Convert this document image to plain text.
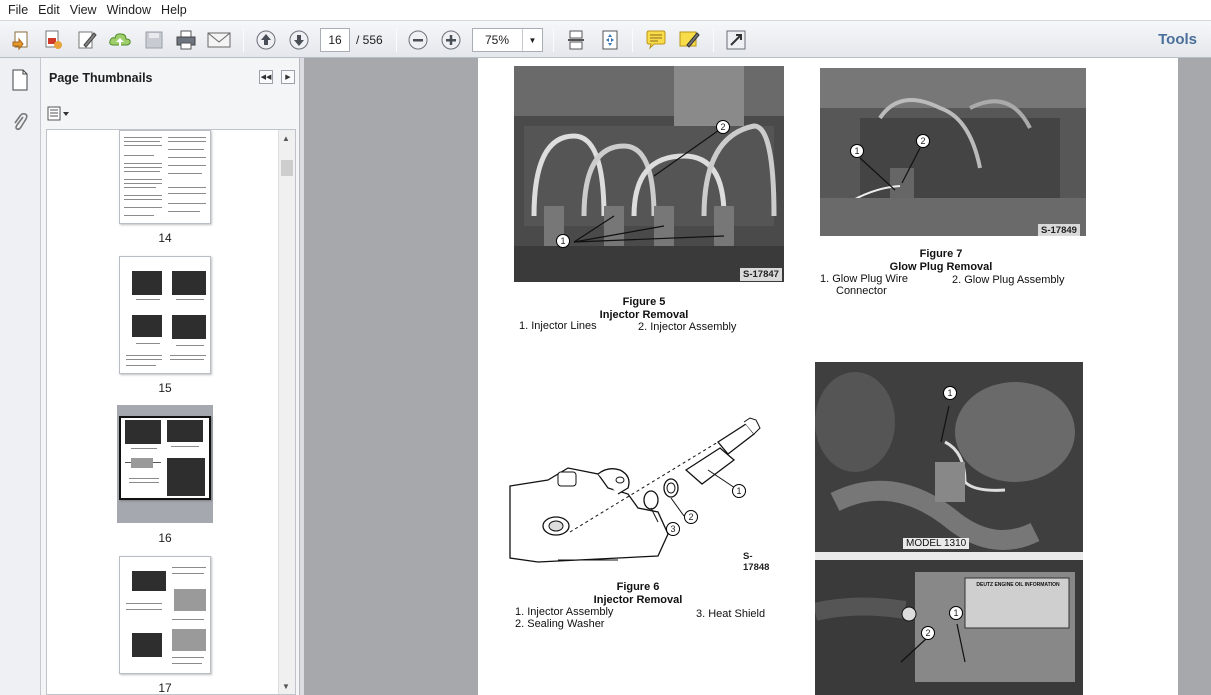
File Edit View Window Help
16	/ 556	75%	▼	Tools
Page Thumbnails	◀◀	▶
14
15
16
17
▲
▼
1
2
S-17847
Figure 5
Injector Removal
1. Injector Lines	2. Injector Assembly
1
2
S-17849
Figure 7
Glow Plug Removal
1. Glow Plug Wire
Connector
2. Glow Plug Assembly
1
2
3
S-17848
Figure 6
Injector Removal
1. Injector Assembly
2. Sealing Washer
3. Heat Shield
1
MODEL 1310
1
2
DEUTZ ENGINE OIL INFORMATION
